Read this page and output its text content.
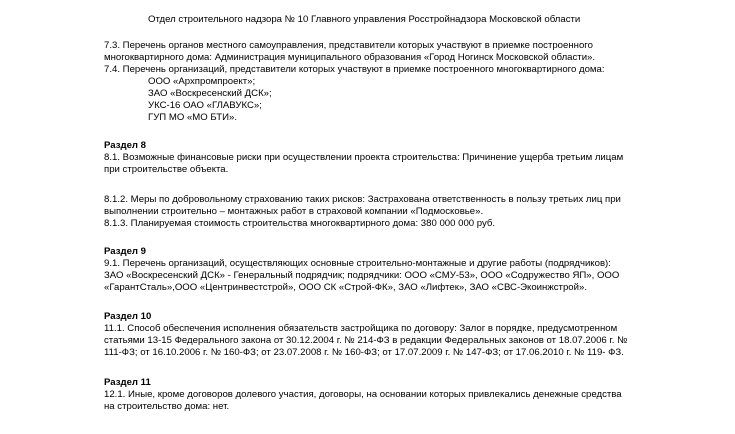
Отдел строительного надзора № 10 Главного управления Росстройнадзора Московской области
7.3. Перечень органов местного самоуправления, представители которых участвуют в приемке построенного
многоквартирного дома: Администрация муниципального образования «Город Ногинск Московской области».
7.4. Перечень организаций, представители которых участвуют в приемке построенного многоквартирного дома:
ООО «Архпромпроект»;
ЗАО «Воскресенский ДСК»;
УКС-16 ОАО «ГЛАВУКС»;
ГУП МО «МО БТИ».
Раздел 8
8.1. Возможные финансовые риски при осуществлении проекта строительства: Причинение ущерба третьим лицам
при строительстве объекта.
8.1.2. Меры по добровольному страхованию таких рисков: Застрахована ответственность в пользу третьих лиц при
выполнении строительно – монтажных работ в страховой компании «Подмосковье».
8.1.3. Планируемая стоимость строительства многоквартирного дома: 380 000 000 руб.
Раздел 9
9.1. Перечень организаций, осуществляющих основные строительно-монтажные и другие работы (подрядчиков):
ЗАО «Воскресенский ДСК» - Генеральный подрядчик; подрядчики: ООО «СМУ-53», ООО «Содружество ЯП», ООО
«ГарантСталь»,ООО «Центринвестстрой», ООО СК «Строй-ФК», ЗАО «Лифтек», ЗАО «СВС-Экоинжстрой».
Раздел 10
11.1. Способ обеспечения исполнения обязательств застройщика по договору: Залог в порядке, предусмотренном
статьями 13-15 Федерального закона от 30.12.2004 г. № 214-ФЗ в редакции Федеральных законов от 18.07.2006 г. №
111-ФЗ; от 16.10.2006 г. № 160-ФЗ; от 23.07.2008 г. № 160-ФЗ; от 17.07.2009 г. № 147-ФЗ; от 17.06.2010 г. № 119- ФЗ.
Раздел 11
12.1. Иные, кроме договоров долевого участия, договоры, на основании которых привлекались денежные средства
на строительство дома: нет.
